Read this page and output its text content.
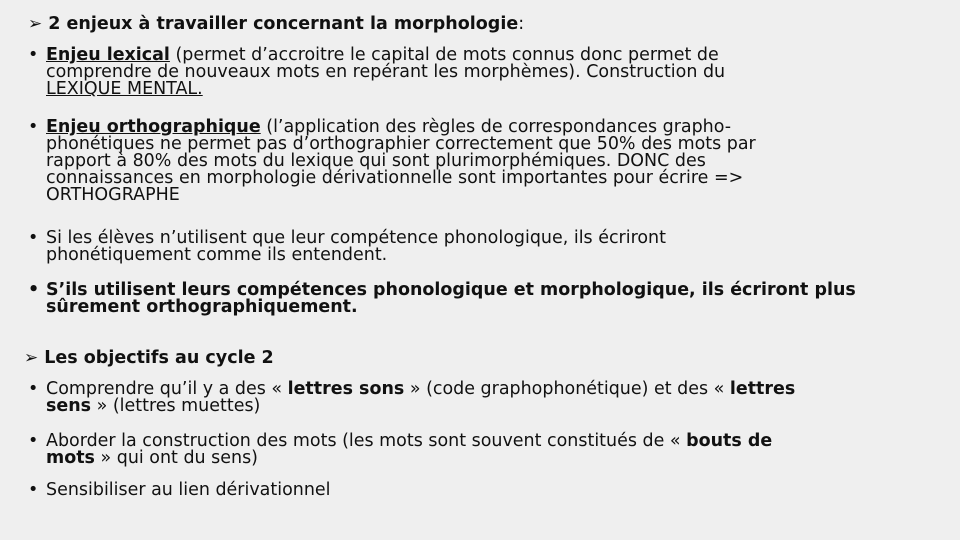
➢ 2 enjeux à travailler concernant la morphologie :
• Enjeu lexical (permet d’accroitre le capital de mots connus donc permet de
comprendre de nouveaux mots en repérant les morphèmes). Construction du
LEXIQUE MENTAL.
• Enjeu orthographique (l’application des règles de correspondances grapho-
phonétiques ne permet pas d’orthographier correctement que 50% des mots par
rapport à 80% des mots du lexique qui sont plurimorphémiques. DONC des
connaissances en morphologie dérivationnelle sont importantes pour écrire =>
ORTHOGRAPHE
• Si les élèves n’utilisent que leur compétence phonologique, ils écriront
phonétiquement comme ils entendent.
• S’ils utilisent leurs compétences phonologique et morphologique, ils écriront plus
sûrement orthographiquement.
➢ Les objectifs au cycle 2
• Comprendre qu’il y a des « lettres sons » (code graphophonétique) et des « lettres
sens » (lettres muettes)
• Aborder la construction des mots (les mots sont souvent constitués de « bouts de
mots » qui ont du sens)
• Sensibiliser au lien dérivationnel
